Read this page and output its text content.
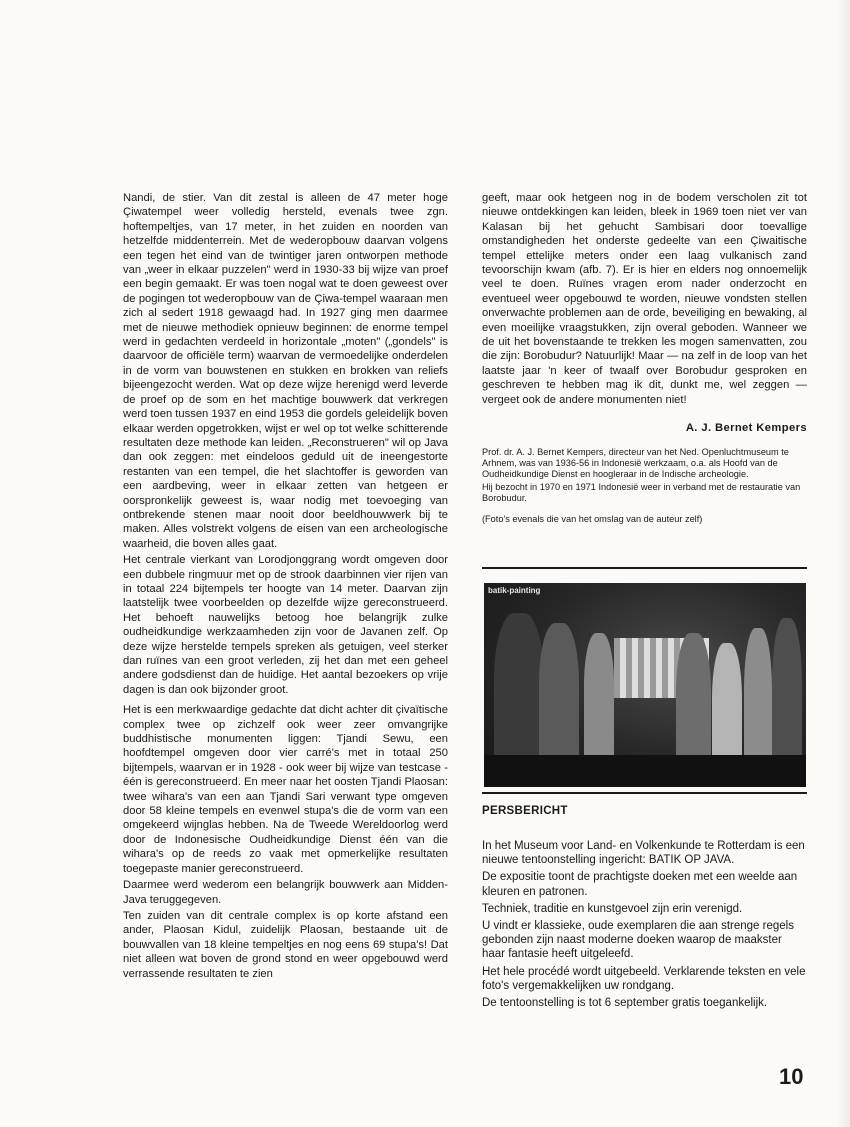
Nandi, de stier. Van dit zestal is alleen de 47 meter hoge Çiwatempel weer volledig hersteld, evenals twee zgn. hoftempeltjes, van 17 meter, in het zuiden en noorden van hetzelfde middenterrein. Met de wederopbouw daarvan volgens een tegen het eind van de twintiger jaren ontworpen methode van „weer in elkaar puzzelen" werd in 1930-33 bij wijze van proef een begin gemaakt. Er was toen nogal wat te doen geweest over de pogingen tot wederopbouw van de Çiwa-tempel waaraan men zich al sedert 1918 gewaagd had. In 1927 ging men daarmee met de nieuwe methodiek opnieuw beginnen: de enorme tempel werd in gedachten verdeeld in horizontale „moten" („gondels" is daarvoor de officiële term) waarvan de vermoedelijke onderdelen in de vorm van bouwstenen en stukken en brokken van reliefs bijeengezocht werden. Wat op deze wijze herenigd werd leverde de proef op de som en het machtige bouwwerk dat verkregen werd toen tussen 1937 en eind 1953 die gordels geleidelijk boven elkaar werden opgetrokken, wijst er wel op tot welke schitterende resultaten deze methode kan leiden. „Reconstrueren" wil op Java dan ook zeggen: met eindeloos geduld uit de ineengestorte restanten van een tempel, die het slachtoffer is geworden van een aardbeving, weer in elkaar zetten van hetgeen er oorspronkelijk geweest is, waar nodig met toevoeging van ontbrekende stenen maar nooit door beeldhouwwerk bij te maken. Alles volstrekt volgens de eisen van een archeologische waarheid, die boven alles gaat.

Het centrale vierkant van Lorodjonggrang wordt omgeven door een dubbele ringmuur met op de strook daarbinnen vier rijen van in totaal 224 bijtempels ter hoogte van 14 meter. Daarvan zijn laatstelijk twee voorbeelden op dezelfde wijze gereconstrueerd. Het behoeft nauwelijks betoog hoe belangrijk zulke oudheidkundige werkzaamheden zijn voor de Javanen zelf. Op deze wijze herstelde tempels spreken als getuigen, veel sterker dan ruïnes van een groot verleden, zij het dan met een geheel andere godsdienst dan de huidige. Het aantal bezoekers op vrije dagen is dan ook bijzonder groot.

Het is een merkwaardige gedachte dat dicht achter dit çivaïtische complex twee op zichzelf ook weer zeer omvangrijke buddhistische monumenten liggen: Tjandi Sewu, een hoofdtempel omgeven door vier carré's met in totaal 250 bijtempels, waarvan er in 1928 - ook weer bij wijze van testcase - één is gereconstrueerd. En meer naar het oosten Tjandi Plaosan: twee wihara's van een aan Tjandi Sari verwant type omgeven door 58 kleine tempels en evenwel stupa's die de vorm van een omgekeerd wijnglas hebben. Na de Tweede Wereldoorlog werd door de Indonesische Oudheidkundige Dienst één van die wihara's op de reeds zo vaak met opmerkelijke resultaten toegepaste manier gereconstrueerd.

Daarmee werd wederom een belangrijk bouwwerk aan Midden-Java teruggegeven.

Ten zuiden van dit centrale complex is op korte afstand een ander, Plaosan Kidul, zuidelijk Plaosan, bestaande uit de bouwvallen van 18 kleine tempeltjes en nog eens 69 stupa's! Dat niet alleen wat boven de grond stond en weer opgebouwd werd verrassende resultaten te zien

geeft, maar ook hetgeen nog in de bodem verscholen zit tot nieuwe ontdekkingen kan leiden, bleek in 1969 toen niet ver van Kalasan bij het gehucht Sambisari door toevallige omstandigheden het onderste gedeelte van een Çiwaitische tempel ettelijke meters onder een laag vulkanisch zand tevoorschijn kwam (afb. 7). Er is hier en elders nog onnoemelijk veel te doen. Ruïnes vragen erom nader onderzocht en eventueel weer opgebouwd te worden, nieuwe vondsten stellen onverwachte problemen aan de orde, beveiliging en bewaking, al even moeilijke vraagstukken, zijn overal geboden. Wanneer we de uit het bovenstaande te trekken les mogen samenvatten, zou die zijn: Borobudur? Natuurlijk! Maar — na zelf in de loop van het laatste jaar 'n keer of twaalf over Borobudur gesproken en geschreven te hebben mag ik dit, dunkt me, wel zeggen — vergeet ook de andere monumenten niet!

A. J. Bernet Kempers

Prof. dr. A. J. Bernet Kempers, directeur van het Ned. Openluchtmuseum te Arhnem, was van 1936-56 in Indonesië werkzaam, o.a. als Hoofd van de Oudheidkundige Dienst en hoogleraar in de Indische archeologie.

Hij bezocht in 1970 en 1971 Indonesië weer in verband met de restauratie van Borobudur.

(Foto's evenals die van het omslag van de auteur zelf)
batik-painting
PERSBERICHT

In het Museum voor Land- en Volkenkunde te Rotterdam is een nieuwe tentoonstelling ingericht: BATIK OP JAVA.

De expositie toont de prachtigste doeken met een weelde aan kleuren en patronen.

Techniek, traditie en kunstgevoel zijn erin verenigd.

U vindt er klassieke, oude exemplaren die aan strenge regels gebonden zijn naast moderne doeken waarop de maakster haar fantasie heeft uitgeleefd.

Het hele procédé wordt uitgebeeld. Verklarende teksten en vele foto's vergemakkelijken uw rondgang.

De tentoonstelling is tot 6 september gratis toegankelijk.

10
